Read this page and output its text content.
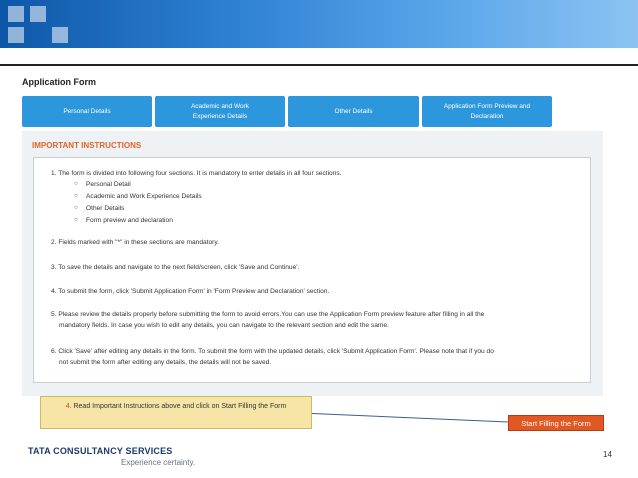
Application Form
Personal Details
Academic and Work Experience Details
Other Details
Application Form Preview and Declaration
IMPORTANT INSTRUCTIONS
1. The form is divided into following four sections. It is mandatory to enter details in all four sections.
○ Personal Detail
○ Academic and Work Experience Details
○ Other Details
○ Form preview and declaration
2. Fields marked with "*" in these sections are mandatory.
3. To save the details and navigate to the next field/screen, click 'Save and Continue'.
4. To submit the form, click 'Submit Application Form' in 'Form Preview and Declaration' section.
5. Please review the details properly before submitting the form to avoid errors.You can use the Application Form preview feature after filling in all the
mandatory fields. In case you wish to edit any details, you can navigate to the relevant section and edit the same.
6. Click 'Save' after editing any details in the form. To submit the form with the updated details, click 'Submit Application Form'. Please note that if you do
not submit the form after editing any details, the details will not be saved.
4. Read Important Instructions above and click on Start Filling the Form
Start Filling the Form
TATA CONSULTANCY SERVICES
Experience certainty.
14
